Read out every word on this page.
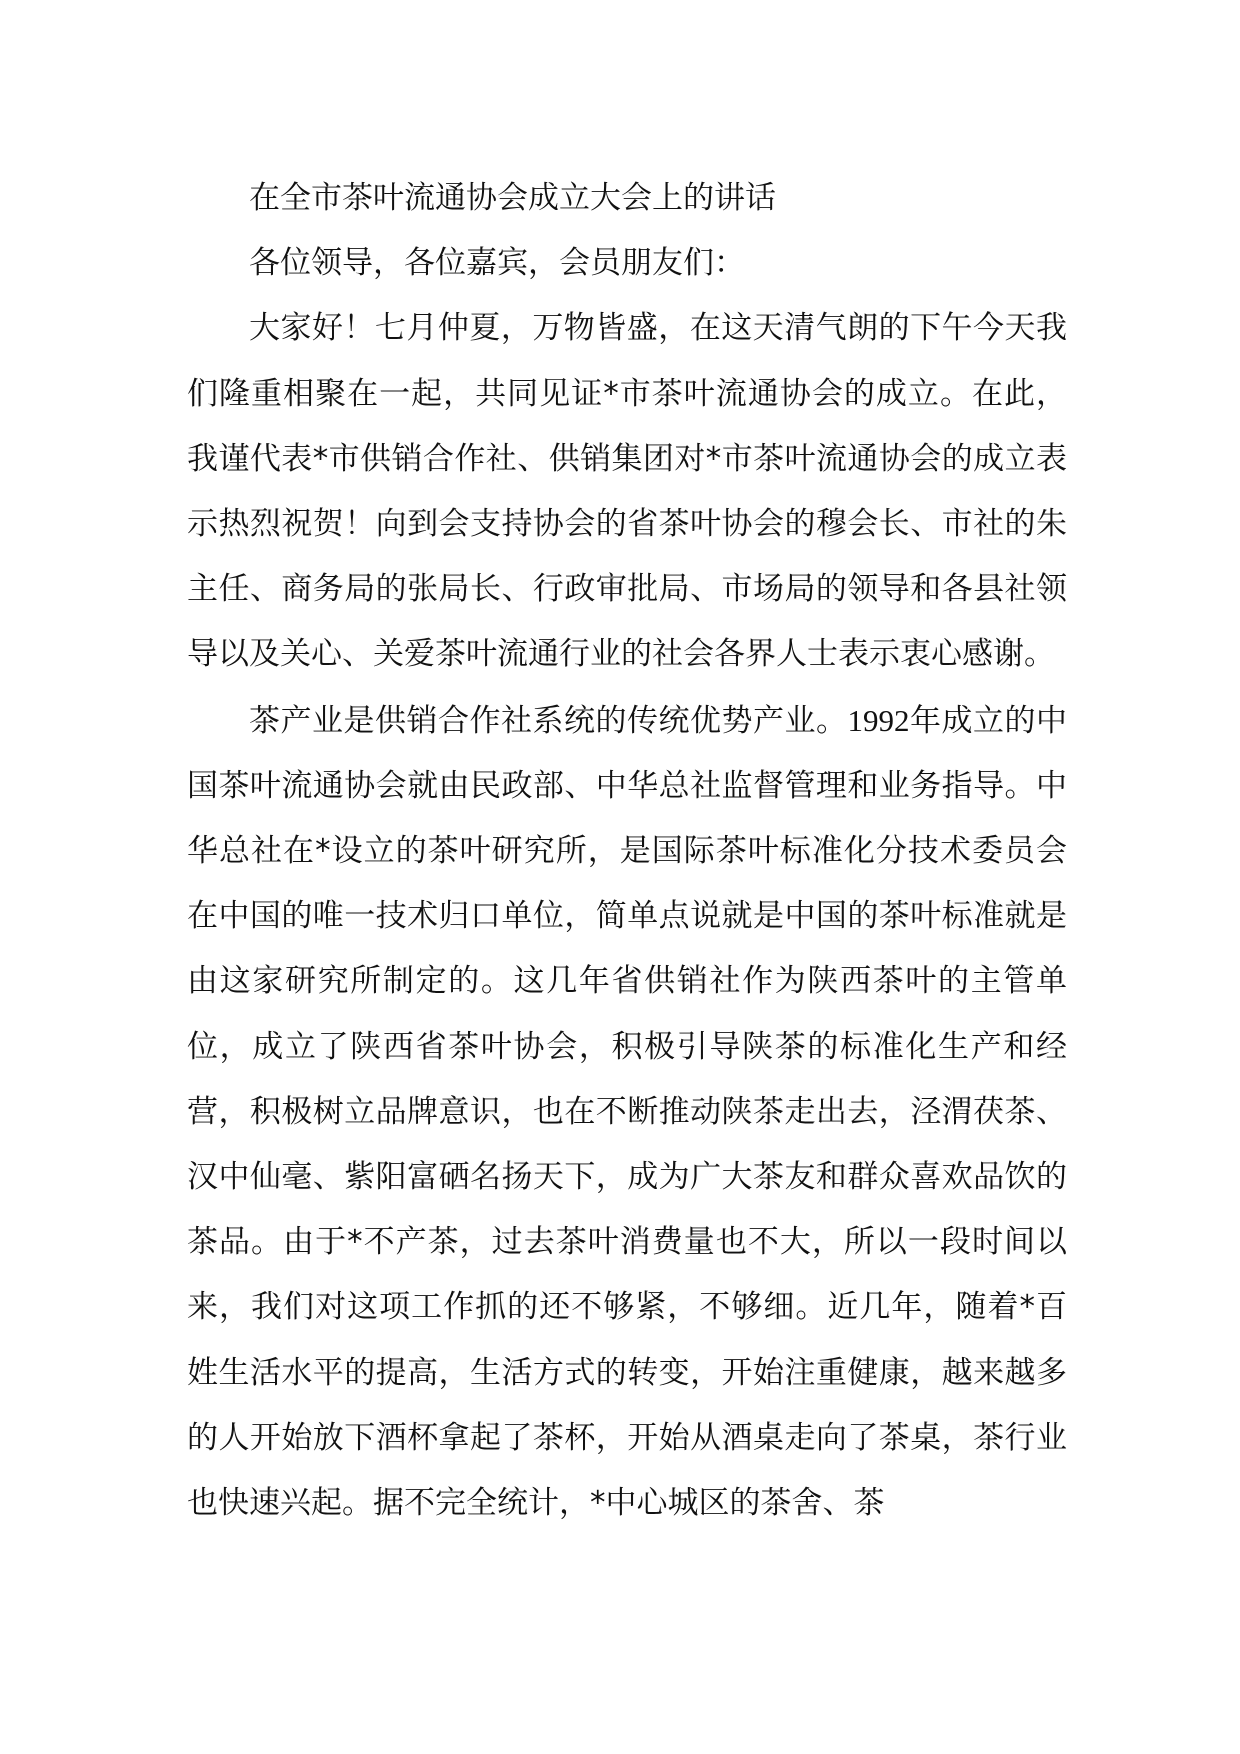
在全市茶叶流通协会成立大会上的讲话

各位领导，各位嘉宾，会员朋友们：

大家好！七月仲夏，万物皆盛，在这天清气朗的下午今天我们隆重相聚在一起，共同见证*市茶叶流通协会的成立。在此，我谨代表*市供销合作社、供销集团对*市茶叶流通协会的成立表示热烈祝贺！向到会支持协会的省茶叶协会的穆会长、市社的朱主任、商务局的张局长、行政审批局、市场局的领导和各县社领导以及关心、关爱茶叶流通行业的社会各界人士表示衷心感谢。

茶产业是供销合作社系统的传统优势产业。1992年成立的中国茶叶流通协会就由民政部、中华总社监督管理和业务指导。中华总社在*设立的茶叶研究所，是国际茶叶标准化分技术委员会在中国的唯一技术归口单位，简单点说就是中国的茶叶标准就是由这家研究所制定的。这几年省供销社作为陕西茶叶的主管单位，成立了陕西省茶叶协会，积极引导陕茶的标准化生产和经营，积极树立品牌意识，也在不断推动陕茶走出去，泾渭茯茶、汉中仙毫、紫阳富硒名扬天下，成为广大茶友和群众喜欢品饮的茶品。由于*不产茶，过去茶叶消费量也不大，所以一段时间以来，我们对这项工作抓的还不够紧，不够细。近几年，随着*百姓生活水平的提高，生活方式的转变，开始注重健康，越来越多的人开始放下酒杯拿起了茶杯，开始从酒桌走向了茶桌，茶行业也快速兴起。据不完全统计，*中心城区的茶舍、茶
